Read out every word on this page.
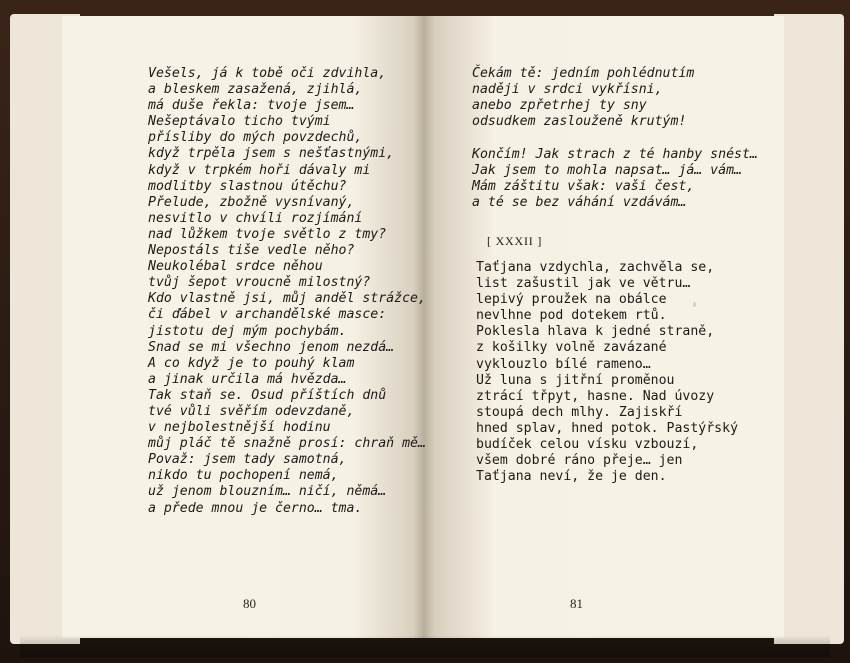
Vešels, já k tobě oči zdvihla,
a bleskem zasažená, zjihlá,
má duše řekla: tvoje jsem…
Nešeptávalo ticho tvými
přísliby do mých povzdechů,
když trpěla jsem s nešťastnými,
když v trpkém hoři dávaly mi
modlitby slastnou útěchu?
Přelude, zbožně vysnívaný,
nesvitlo v chvíli rozjímání
nad lůžkem tvoje světlo z tmy?
Nepostáls tiše vedle něho?
Neukolébal srdce něhou
tvůj šepot vroucně milostný?
Kdo vlastně jsi, můj anděl strážce,
či ďábel v archandělské masce:
jistotu dej mým pochybám.
Snad se mi všechno jenom nezdá…
A co když je to pouhý klam
a jinak určila má hvězda…
Tak staň se. Osud příštích dnů
tvé vůli svěřím odevzdaně,
v nejbolestnější hodinu
můj pláč tě snažně prosí: chraň mě…
Považ: jsem tady samotná,
nikdo tu pochopení nemá,
už jenom blouzním… ničí, němá…
a přede mnou je černo… tma.
80
Čekám tě: jedním pohlédnutím
naději v srdci vykřísni,
anebo zpřetrhej ty sny
odsudkem zaslouženě krutým!
Končím! Jak strach z té hanby snést…
Jak jsem to mohla napsat… já… vám…
Mám záštitu však: vaši čest,
a té se bez váhání vzdávám…
[ XXXII ]
Taťjana vzdychla, zachvěla se,
list zašustil jak ve větru…
lepivý proužek na obálce
nevlhne pod dotekem rtů.
Poklesla hlava k jedné straně,
z košilky volně zavázané
vyklouzlo bílé rameno…
Už luna s jitřní proměnou
ztrácí třpyt, hasne. Nad úvozy
stoupá dech mlhy. Zajiskří
hned splav, hned potok. Pastýřský
budíček celou vísku vzbouzí,
všem dobré ráno přeje… jen
Taťjana neví, že je den.
81
